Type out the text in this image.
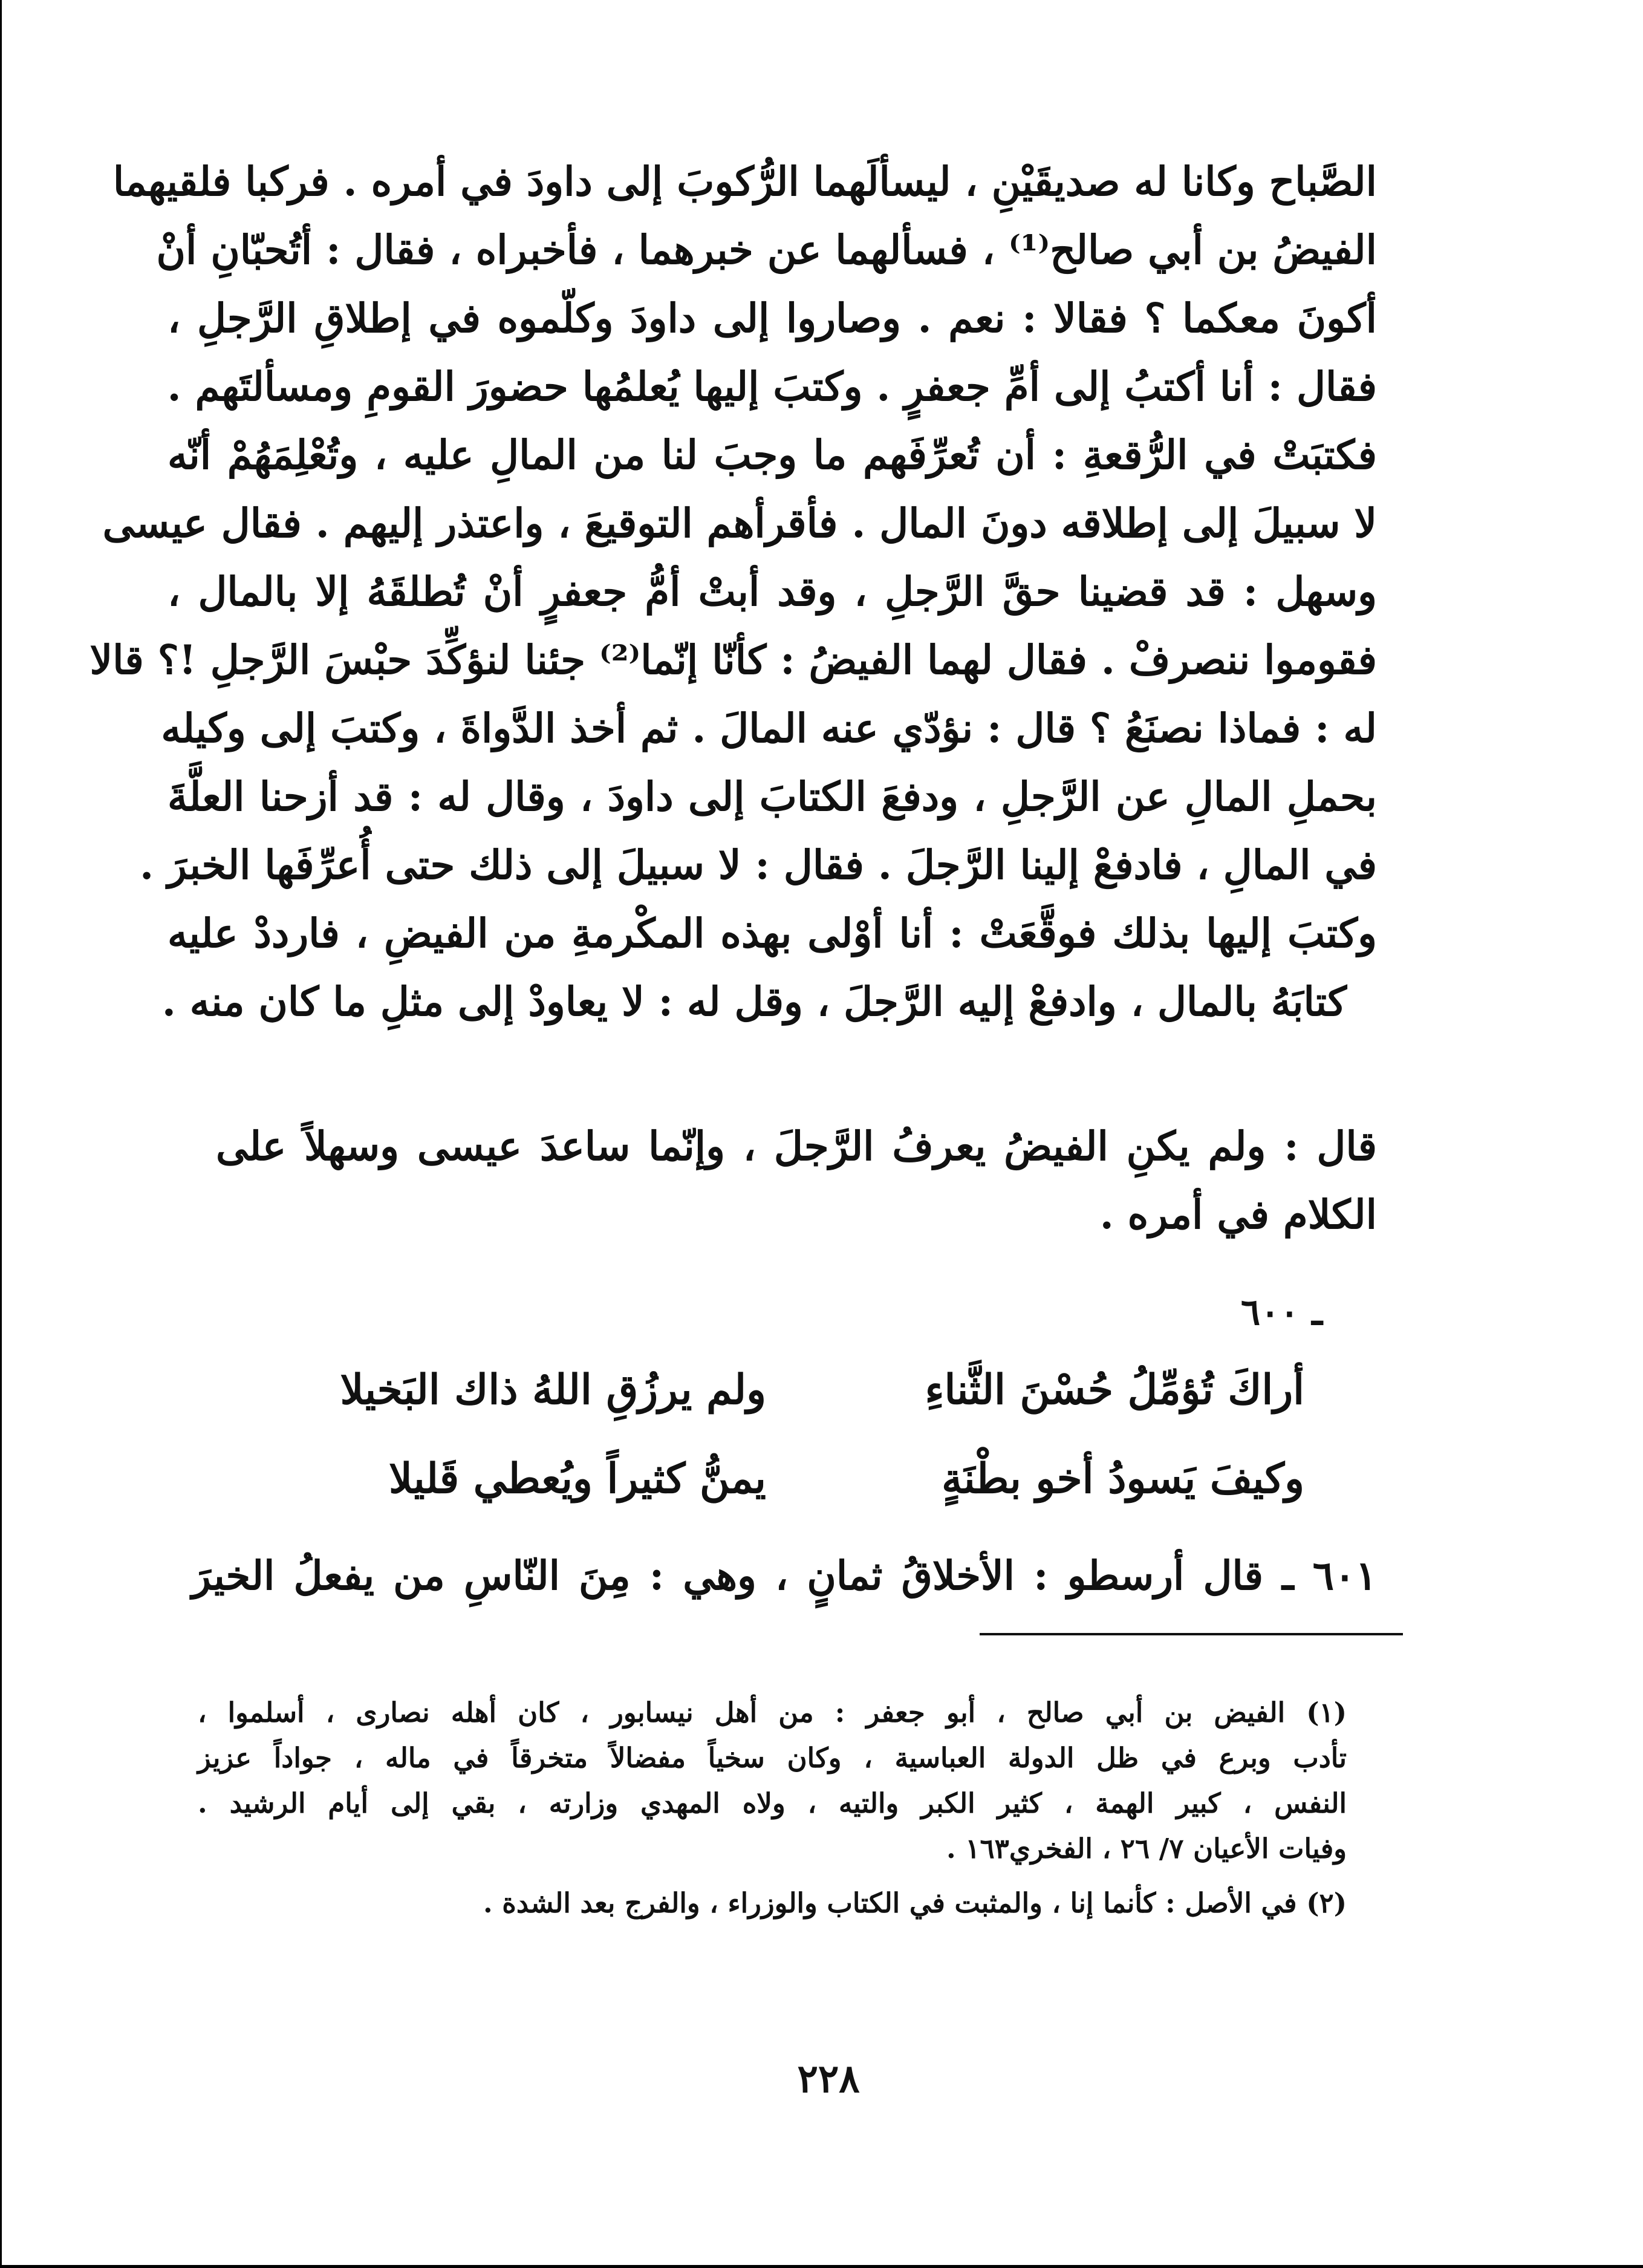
الصَّباح وكانا له صديقَيْنِ ، ليسألَهما الرُّكوبَ إلى داودَ في أمره . فركبا فلقيهما
الفيضُ بن أبي صالح⁽¹⁾ ، فسألهما عن خبرهما ، فأخبراه ، فقال : أتُحبّانِ أنْ
أكونَ معكما ؟ فقالا : نعم . وصاروا إلى داودَ وكلّموه في إطلاقِ الرَّجلِ ،
فقال : أنا أكتبُ إلى أمِّ جعفرٍ . وكتبَ إليها يُعلمُها حضورَ القومِ ومسألتَهم .
فكتبَتْ في الرُّقعةِ : أن تُعرِّفَهم ما وجبَ لنا من المالِ عليه ، وتُعْلِمَهُمْ أنّه
لا سبيلَ إلى إطلاقه دونَ المال . فأقرأهم التوقيعَ ، واعتذر إليهم . فقال عيسى
وسهل : قد قضينا حقَّ الرَّجلِ ، وقد أبتْ أمُّ جعفرٍ أنْ تُطلقَهُ إلا بالمال ،
فقوموا ننصرفْ . فقال لهما الفيضُ : كأنّا إنّما⁽²⁾ جئنا لنؤكِّدَ حبْسَ الرَّجلِ !؟ قالا
له : فماذا نصنَعُ ؟ قال : نؤدّي عنه المالَ . ثم أخذ الدَّواةَ ، وكتبَ إلى وكيله
بحملِ المالِ عن الرَّجلِ ، ودفعَ الكتابَ إلى داودَ ، وقال له : قد أزحنا العلَّةَ
في المالِ ، فادفعْ إلينا الرَّجلَ . فقال : لا سبيلَ إلى ذلك حتى أُعرِّفَها الخبرَ .
وكتبَ إليها بذلك فوقَّعَتْ : أنا أوْلى بهذه المكْرمةِ من الفيضِ ، فارددْ عليه
كتابَهُ بالمال ، وادفعْ إليه الرَّجلَ ، وقل له : لا يعاودْ إلى مثلِ ما كان منه .
قال : ولم يكنِ الفيضُ يعرفُ الرَّجلَ ، وإنّما ساعدَ عيسى وسهلاً على
الكلام في أمره .
ـ ٦٠٠
أراكَ تُؤمِّلُ حُسْنَ الثَّناءِ
ولم يرزُقِ اللهُ ذاك البَخيلا
وكيفَ يَسودُ أخو بطْنَةٍ
يمنُّ كثيراً ويُعطي قَليلا
٦٠١ ـ قال أرسطو : الأخلاقُ ثمانٍ ، وهي : مِنَ النّاسِ من يفعلُ الخيرَ
(١) الفيض بن أبي صالح ، أبو جعفر : من أهل نيسابور ، كان أهله نصارى ، أسلموا ،
تأدب وبرع في ظل الدولة العباسية ، وكان سخياً مفضالاً متخرقاً في ماله ، جواداً عزيز
النفس ، كبير الهمة ، كثير الكبر والتيه ، ولاه المهدي وزارته ، بقي إلى أيام الرشيد .
وفيات الأعيان ٧/ ٢٦ ، الفخري١٦٣ .
(٢) في الأصل : كأنما إنا ، والمثبت في الكتاب والوزراء ، والفرج بعد الشدة .
٢٢٨
